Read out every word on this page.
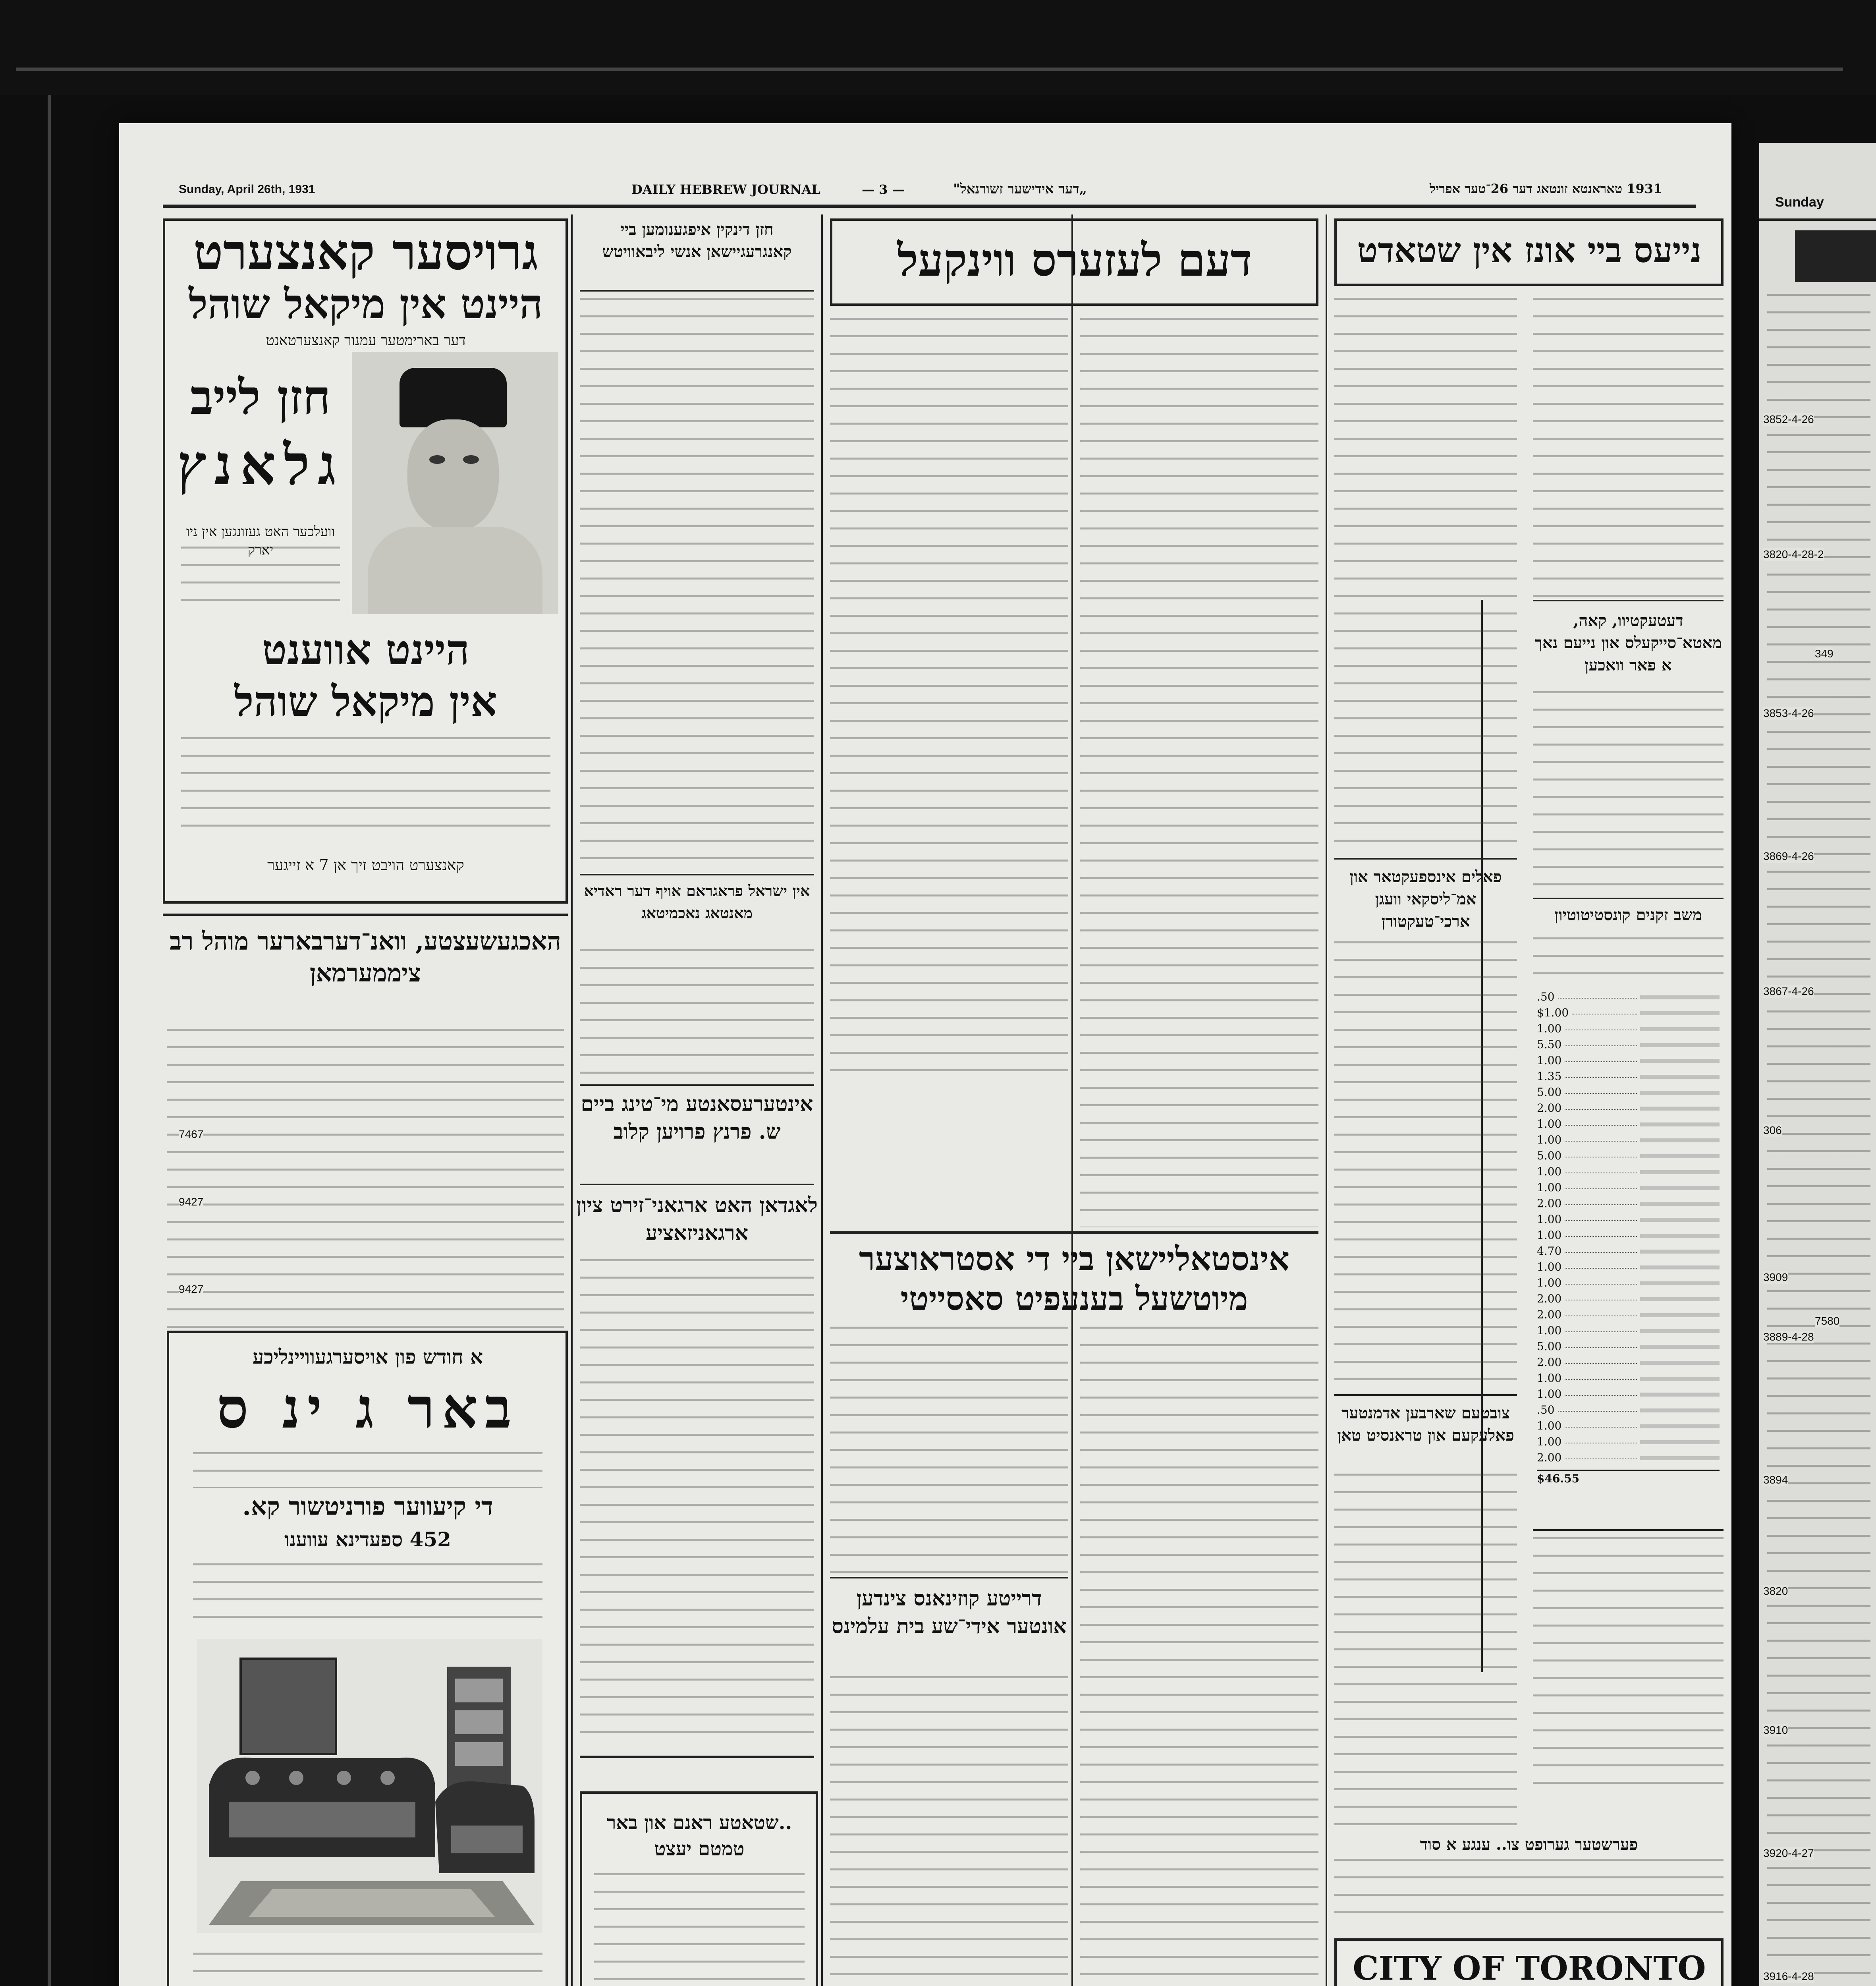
Sunday
3852-4-26
3820-4-28-2
3853-4-26
3869-4-26
3867-4-26
306
3909
3889-4-28
3894
3820
3910
3920-4-27
3916-4-28
7580
349
Sunday, April 26th, 1931	DAILY HEBREW JOURNAL	— 3 —	„דער אידישער זשורנאל"	1931 טאראנטא זונטאג דער 26־טער אפריל
גרויסער קאנצערט
היינט אין מיקאל שוהל
דער בארימטער עמנור קאנצערטאנט
חזן לייב
גלאנץ
וועלכער האט געזונגען אין ניו יארק
היינט אווענט
אין מיקאל שוהל
קאנצערט הויבט זיך אן 7 א זייגער
האכגעשעצטע, וואנ־דערבארער מוהל רב ציממערמאן
7467
9427
9427
א חודש פון אויסערגעוויינליכע
באר ג ינ ס
די קיעווער פורניטשור קא.
452 ספעדינא עווענו
חזן דינקין איפגענומען ביי קאנגרעגיישאן אנשי ליבאוויטש
אין ישראל פראגראם אויף דער ראדיא מאנטאג נאכמיטאג
אינטערעסאנטע מי־טינג ביים ש. פרנץ פרויען קלוב
לאגדאן האט ארגאני־זירט ציון ארגאניזאציע
..שטאטע ראנם און באר טמטם יעצט
דעם לעזערס ווינקעל
אינסטאליישאן ביי די אסטראוצער מיוטשעל בענעפיט סאסייטי
דרייטע קוזינאנס צינדען אונטער אידי־שע בית עלמינס
נייעס ביי אונז אין שטאדט
דעטעקטיוו, קאה, מאטא־סייקעלס און נייעם נאך א פאר וואכען
פאלים אינספעקטאר און אמ־ליסקאי וועגן ארכי־טעקטורן	משב זקנים קונסטיטוטיון
.50
$1.00
1.00
5.50
1.00
1.35
5.00
2.00
1.00
1.00
5.00
1.00
1.00
2.00
1.00
1.00
4.70
1.00
1.00
2.00
2.00
1.00
5.00
2.00
1.00
1.00
.50
1.00
1.00
2.00
$46.55
צובטעם שארבען אדמנטער פאלעקעם און טראנסיט טאן
פערשטער גערופט צו.. ענגע א סוד
CITY OF TORONTO
